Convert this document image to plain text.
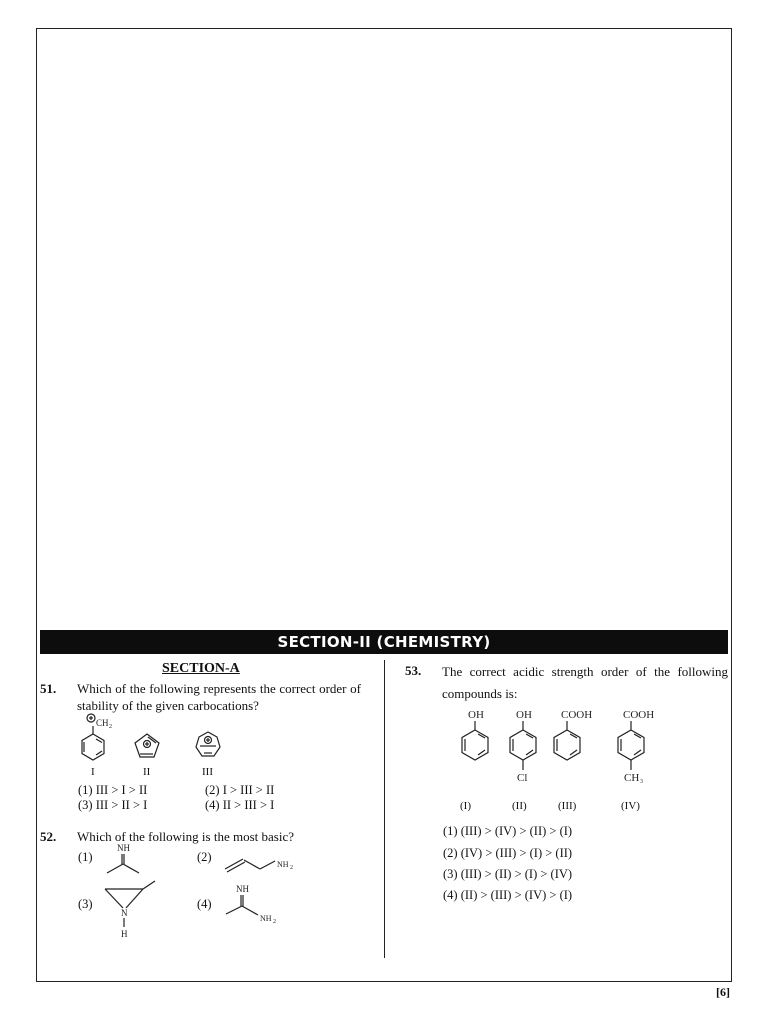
SECTION-II (CHEMISTRY)
SECTION-A
51. Which of the following represents the correct order of stability of the given carbocations?
CH 2
I	II	III
(1) III > I > II	(2) I > III > II
(3) III > II > I	(4) II > III > I
52. Which of the following is the most basic?
(1)	(2)
(3)	(4)
NH
NH 2
N
H
NH
NH 2
53. The correct acidic strength order of the following compounds is:
OH	OH
Cl
COOH	COOH
CH 3
(I)	(II)	(III)	(IV)
(1) (III) > (IV) > (II) > (I)
(2) (IV) > (III) > (I) > (II)
(3) (III) > (II) > (I) > (IV)
(4) (II) > (III) > (IV) > (I)
[6]
